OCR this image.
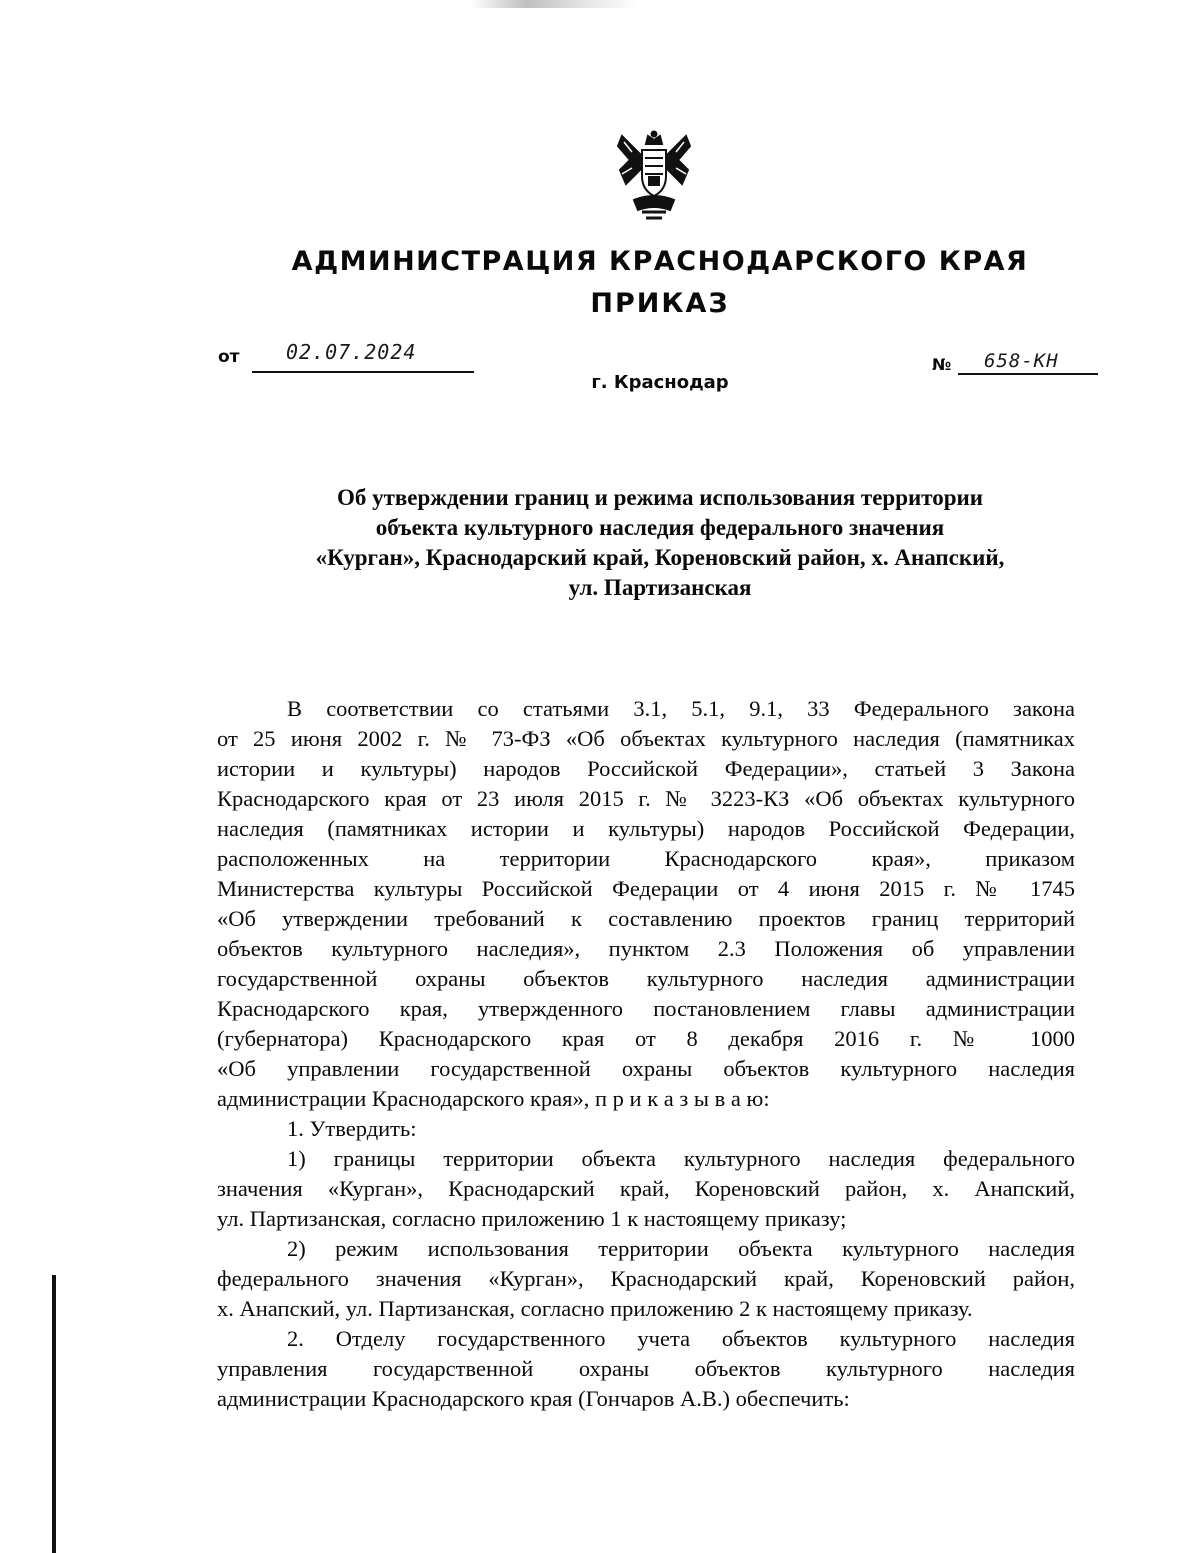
АДМИНИСТРАЦИЯ КРАСНОДАРСКОГО КРАЯ
ПРИКАЗ
от 02.07.2024
№ 658-КН
г. Краснодар
Об утверждении границ и режима использования территории
объекта культурного наследия федерального значения
«Курган», Краснодарский край, Кореновский район, х. Анапский,
ул. Партизанская
В соответствии со статьями 3.1, 5.1, 9.1, 33 Федерального закона
от 25 июня 2002 г. № 73-ФЗ «Об объектах культурного наследия (памятниках
истории и культуры) народов Российской Федерации», статьей 3 Закона
Краснодарского края от 23 июля 2015 г. № 3223-КЗ «Об объектах культурного
наследия (памятниках истории и культуры) народов Российской Федерации,
расположенных на территории Краснодарского края», приказом
Министерства культуры Российской Федерации от 4 июня 2015 г. № 1745
«Об утверждении требований к составлению проектов границ территорий
объектов культурного наследия», пунктом 2.3 Положения об управлении
государственной охраны объектов культурного наследия администрации
Краснодарского края, утвержденного постановлением главы администрации
(губернатора) Краснодарского края от 8 декабря 2016 г. № 1000
«Об управлении государственной охраны объектов культурного наследия
администрации Краснодарского края», п р и к а з ы в а ю:
1. Утвердить:
1) границы территории объекта культурного наследия федерального
значения «Курган», Краснодарский край, Кореновский район, х. Анапский,
ул. Партизанская, согласно приложению 1 к настоящему приказу;
2) режим использования территории объекта культурного наследия
федерального значения «Курган», Краснодарский край, Кореновский район,
х. Анапский, ул. Партизанская, согласно приложению 2 к настоящему приказу.
2. Отделу государственного учета объектов культурного наследия
управления государственной охраны объектов культурного наследия
администрации Краснодарского края (Гончаров А.В.) обеспечить:
